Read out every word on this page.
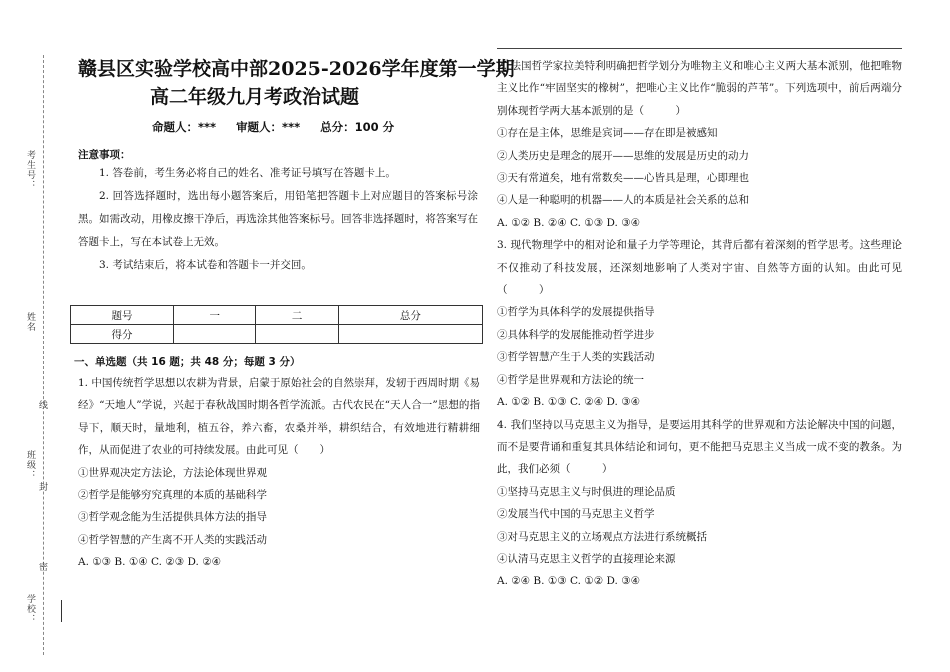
考生号：
姓名
线
班级：
封
密
学校：
赣县区实验学校高中部2025-2026学年度第一学期
高二年级九月考政治试题
命题人：*** 审题人：*** 总分：100 分
注意事项：

1. 答卷前，考生务必将自己的姓名、准考证号填写在答题卡上。

2. 回答选择题时，选出每小题答案后，用铅笔把答题卡上对应题目的答案标号涂黑。如需改动，用橡皮擦干净后，再选涂其他答案标号。回答非选择题时，将答案写在答题卡上，写在本试卷上无效。

3. 考试结束后，将本试卷和答题卡一并交回。

题号	一	二	总分
得分			
一、单选题（共 16 题；共 48 分；每题 3 分）

1. 中国传统哲学思想以农耕为背景，启蒙于原始社会的自然崇拜，发轫于西周时期《易经》“天地人”学说，兴起于春秋战国时期各哲学流派。古代农民在“天人合一”思想的指导下，顺天时，量地利，植五谷，养六畜，农桑并举，耕织结合，有效地进行精耕细作，从而促进了农业的可持续发展。由此可见（　　）

①世界观决定方法论，方法论体现世界观

②哲学是能够穷究真理的本质的基础科学

③哲学观念能为生活提供具体方法的指导

④哲学智慧的产生离不开人类的实践活动

A. ①③ B. ①④ C. ②③ D. ②④

2. 法国哲学家拉美特利明确把哲学划分为唯物主义和唯心主义两大基本派别，他把唯物主义比作“牢固坚实的橡树”，把唯心主义比作“脆弱的芦苇”。下列选项中，前后两端分别体现哲学两大基本派别的是（　　　）

①存在是主体，思维是宾词——存在即是被感知

②人类历史是理念的展开——思维的发展是历史的动力

③天有常道矣，地有常数矣——心皆具是理，心即理也

④人是一种聪明的机器——人的本质是社会关系的总和

A. ①② B. ②④ C. ①③ D. ③④

3. 现代物理学中的相对论和量子力学等理论，其背后都有着深刻的哲学思考。这些理论不仅推动了科技发展，还深刻地影响了人类对宇宙、自然等方面的认知。由此可见（　　　）

①哲学为具体科学的发展提供指导

②具体科学的发展能推动哲学进步

③哲学智慧产生于人类的实践活动

④哲学是世界观和方法论的统一

A. ①② B. ①③ C. ②④ D. ③④

4. 我们坚持以马克思主义为指导，是要运用其科学的世界观和方法论解决中国的问题，而不是要背诵和重复其具体结论和词句，更不能把马克思主义当成一成不变的教条。为此，我们必须（　　　）

①坚持马克思主义与时俱进的理论品质

②发展当代中国的马克思主义哲学

③对马克思主义的立场观点方法进行系统概括

④认清马克思主义哲学的直接理论来源

A. ②④ B. ①③ C. ①② D. ③④
